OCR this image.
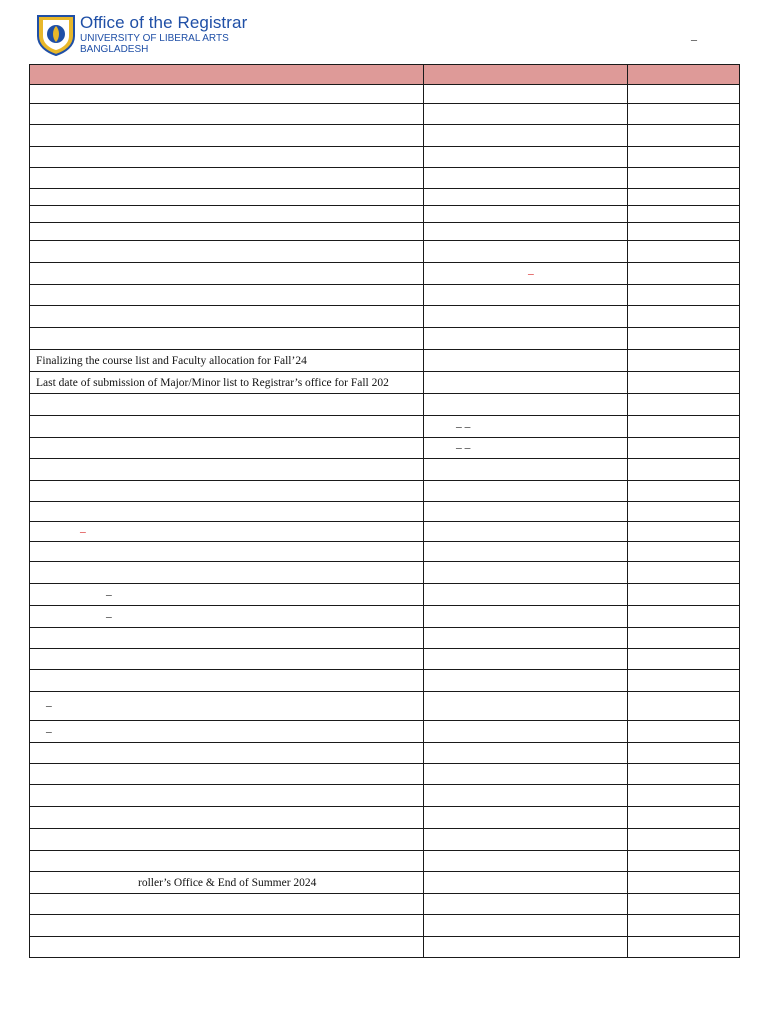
Office of the Registrar
UNIVERSITY OF LIBERAL ARTS
BANGLADESH
–

	–	

Finalizing the course list and Faculty allocation for Fall’24		
Last date of submission of Major/Minor list to Registrar’s office for Fall 202		

	– –	
	– –	

–		

–		
–		

–		
–		

roller’s Office & End of Summer 2024		
